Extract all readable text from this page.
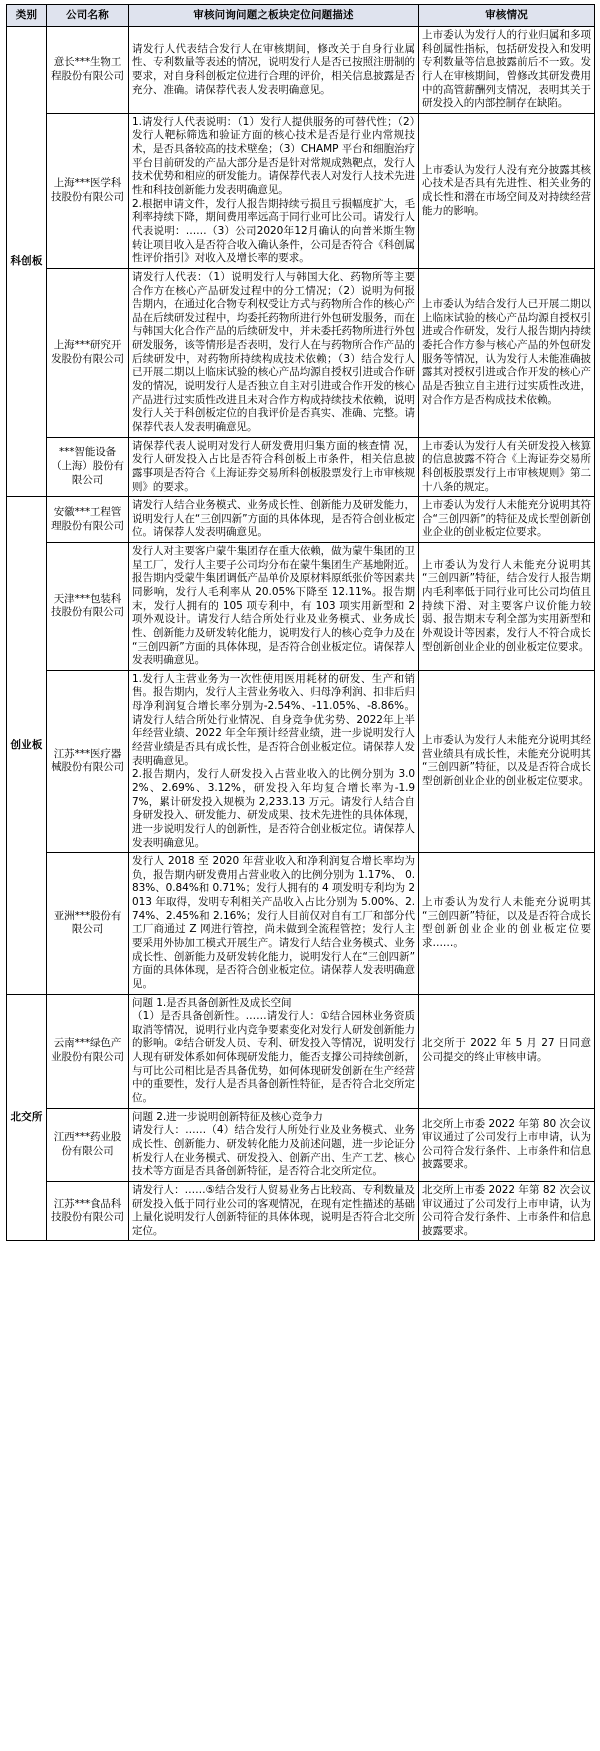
类别	公司名称	审核问询问题之板块定位问题描述	审核情况
科创板	意长***生物工程股份有限公司	请发行人代表结合发行人在审核期间，修改关于自身行业属性、专利数量等表述的情况，说明发行人是否已按照注册制的要求，对自身科创板定位进行合理的评价，相关信息披露是否充分、准确。请保荐代表人发表明确意见。	上市委认为发行人的行业归属和多项科创属性指标，包括研发投入和发明专利数量等信息披露前后不一致。发行人在审核期间，曾修改其研发费用中的高管薪酬列支情况，表明其关于研发投入的内部控制存在缺陷。
	上海***医学科技股份有限公司	1.请发行人代表说明：（1）发行人提供服务的可替代性；（2）发行人靶标筛选和验证方面的核心技术是否是行业内常规技术，是否具备较高的技术壁垒；（3）CHAMP 平台和细胞治疗平台目前研发的产品大部分是否是针对常规成熟靶点，发行人技术优势和相应的研发能力。请保荐代表人对发行人技术先进性和科技创新能力发表明确意见。
2.根据申请文件，发行人报告期持续亏损且亏损幅度扩大，毛利率持续下降，期间费用率远高于同行业可比公司。请发行人代表说明：……（3）公司2020年12月确认的向普米斯生物转让项目收入是否符合收入确认条件，公司是否符合《科创属性评价指引》对收入及增长率的要求。	上市委认为发行人没有充分披露其核心技术是否具有先进性、相关业务的成长性和潜在市场空间及对持续经营能力的影响。
	上海***研究开发股份有限公司	请发行人代表：（1）说明发行人与韩国大化、药物所等主要合作方在核心产品研发过程中的分工情况；（2）说明为何报告期内，在通过化合物专利权受让方式与药物所合作的核心产品在后续研发过程中，均委托药物所进行外包研发服务，而在与韩国大化合作产品的后续研发中，并未委托药物所进行外包研发服务，该等情形是否表明，发行人在与药物所合作产品的后续研发中，对药物所持续构成技术依赖；（3）结合发行人已开展二期以上临床试验的核心产品均源自授权引进或合作研发的情况，说明发行人是否独立自主对引进或合作开发的核心产品进行过实质性改进且未对合作方构成持续技术依赖，说明发行人关于科创板定位的自我评价是否真实、准确、完整。请保荐代表人发表明确意见。	上市委认为结合发行人已开展二期以上临床试验的核心产品均源自授权引进或合作研发，发行人报告期内持续委托合作方参与核心产品的外包研发服务等情况，认为发行人未能准确披露其对授权引进或合作开发的核心产品是否独立自主进行过实质性改进，对合作方是否构成技术依赖。
	***智能设备（上海）股份有限公司	请保荐代表人说明对发行人研发费用归集方面的核查情 况，发行人研发投入占比是否符合科创板上市条件，相关信息披 露事项是否符合《上海证券交易所科创板股票发行上市审核规则》的要求。	上市委认为发行人有关研发投入核算的信息披露不符合《上海证券交易所科创板股票发行上市审核规则》第二十八条的规定。
创业板	安徽***工程管理股份有限公司	请发行人结合业务模式、业务成长性、创新能力及研发能力，说明发行人在“三创四新”方面的具体体现，是否符合创业板定位。请保荐人发表明确意见。	上市委认为发行人未能充分说明其符合“三创四新”的特征及成长型创新创业企业的创业板定位要求。
	天津***包装科技股份有限公司	发行人对主要客户蒙牛集团存在重大依赖，做为蒙牛集团的卫星工厂，发行人主要子公司均分布在蒙牛集团生产基地附近。报告期内受蒙牛集团调低产品单价及原材料原纸张价等因素共同影响，发行人毛利率从 20.05%下降至 12.11%。报告期末，发行人拥有的 105 项专利中，有 103 项实用新型和 2 项外观设计。请发行人结合所处行业及业务模式、业务成长性、创新能力及研发转化能力，说明发行人的核心竞争力及在“三创四新”方面的具体体现，是否符合创业板定位。请保荐人发表明确意见。	上市委认为发行人未能充分说明其“三创四新”特征，结合发行人报告期内毛利率低于同行业可比公司均值且持续下滑、对主要客户议价能力较弱、报告期末专利全部为实用新型和外观设计等因素，发行人不符合成长型创新创业企业的创业板定位要求。
	江苏***医疗器械股份有限公司	1.发行人主营业务为一次性使用医用耗材的研发、生产和销售。报告期内，发行人主营业务收入、归母净利润、扣非后归母净利润复合增长率分别为-2.54%、-11.05%、-8.86%。请发行人结合所处行业情况、自身竞争优劣势、2022年上半年经营业绩、2022 年全年预计经营业绩，进一步说明发行人经营业绩是否具有成长性，是否符合创业板定位。请保荐人发表明确意见。
2.报告期内，发行人研发投入占营业收入的比例分别为 3.02%、2.69%、3.12%，研发投入年均复合增长率为-1.97%，累计研发投入规模为 2,233.13 万元。请发行人结合自身研发投入、研发能力、研发成果、技术先进性的具体体现，进一步说明发行人的创新性，是否符合创业板定位。请保荐人发表明确意见。	上市委认为发行人未能充分说明其经营业绩具有成长性，未能充分说明其“三创四新”特征，以及是否符合成长型创新创业企业的创业板定位要求。
	亚洲***股份有限公司	发行人 2018 至 2020 年营业收入和净利润复合增长率均为负，报告期内研发费用占营业收入的比例分别为 1.17%、 0.83%、0.84%和 0.71%；发行人拥有的 4 项发明专利均为 2013 年取得，发明专利相关产品收入占比分别为 5.00%、2.74%、2.45%和 2.16%；发行人目前仅对自有工厂和部分代工厂商通过 Z 网进行管控，尚未做到全流程管控；发行人主要采用外协加工模式开展生产。请发行人结合业务模式、业务成长性、创新能力及研发转化能力，说明发行人在“三创四新”方面的具体体现，是否符合创业板定位。请保荐人发表明确意见。	上市委认为发行人未能充分说明其“三创四新”特征，以及是否符合成长型创新创业企业的创业板定位要求……。
北交所	云南***绿色产业股份有限公司	问题 1.是否具备创新性及成长空间
（1）是否具备创新性。……请发行人：①结合园林业务资质取消等情况，说明行业内竞争要素变化对发行人研发创新能力的影响。②结合研发人员、专利、研发投入等情况，说明发行人现有研发体系如何体现研发能力，能否支撑公司持续创新，与可比公司相比是否具备优势，如何体现研发创新在生产经营中的重要性，发行人是否具备创新性特征，是否符合北交所定位。	北交所于 2022 年 5 月 27 日同意公司提交的终止审核申请。
	江西***药业股份有限公司	问题 2.进一步说明创新特征及核心竞争力
请发行人：……（4）结合发行人所处行业及业务模式、业务成长性、创新能力、研发转化能力及前述问题，进一步论证分析发行人在业务模式、研发投入、创新产出、生产工艺、核心技术等方面是否具备创新特征，是否符合北交所定位。	北交所上市委 2022 年第 80 次会议审议通过了公司发行上市申请，认为公司符合发行条件、上市条件和信息披露要求。
	江苏***食品科技股份有限公司	请发行人：……⑤结合发行人贸易业务占比较高、专利数量及研发投入低于同行业公司的客观情况，在现有定性描述的基础上量化说明发行人创新特征的具体体现，说明是否符合北交所定位。	北交所上市委 2022 年第 82 次会议审议通过了公司发行上市申请，认为公司符合发行条件、上市条件和信息披露要求。
